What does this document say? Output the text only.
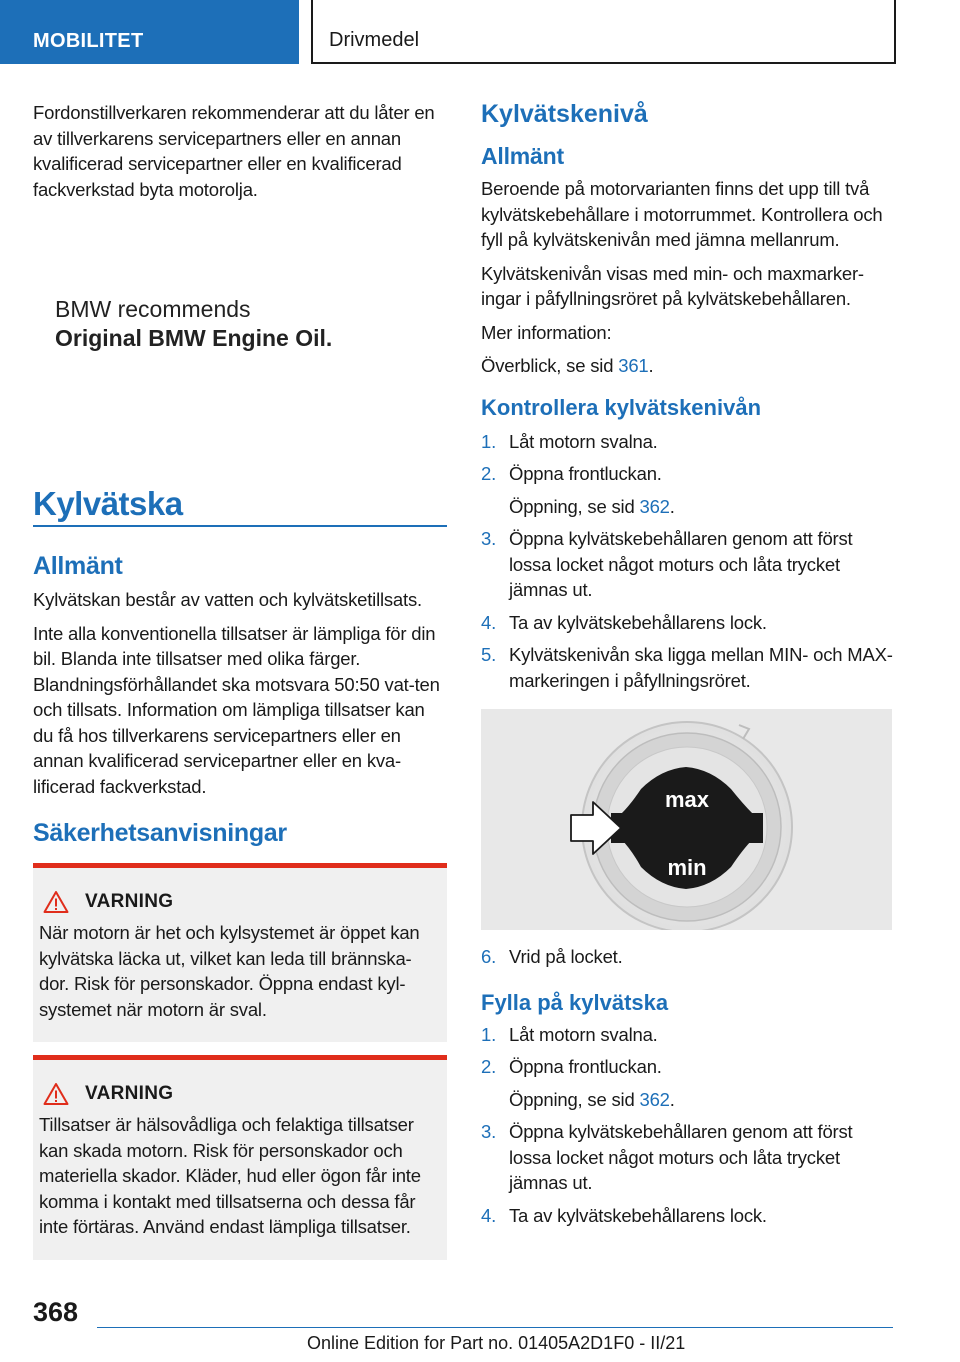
MOBILITET	Drivmedel

Fordonstillverkaren rekommenderar att du låter en av tillverkarens servicepartners eller en annan kvalificerad servicepartner eller en kvalificerad fackverkstad byta motorolja.

BMW recommends
Original BMW Engine Oil.
Kylvätska
Allmänt

Kylvätskan består av vatten och kylvätsketillsats.

Inte alla konventionella tillsatser är lämpliga för din bil. Blanda inte tillsatser med olika färger. Blandningsförhållandet ska motsvara 50:50 vat-ten och tillsats. Information om lämpliga tillsatser kan du få hos tillverkarens servicepartners eller en annan kvalificerad servicepartner eller en kva-lificerad fackverkstad.

Säkerhetsanvisningar
VARNING

När motorn är het och kylsystemet är öppet kan kylvätska läcka ut, vilket kan leda till brännska-dor. Risk för personskador. Öppna endast kyl-systemet när motorn är sval.

VARNING

Tillsatser är hälsovådliga och felaktiga tillsatser kan skada motorn. Risk för personskador och materiella skador. Kläder, hud eller ögon får inte komma i kontakt med tillsatserna och dessa får inte förtäras. Använd endast lämpliga tillsatser.

Kylvätskenivå
Allmänt

Beroende på motorvarianten finns det upp till två kylvätskebehållare i motorrummet. Kontrollera och fyll på kylvätskenivån med jämna mellanrum.

Kylvätskenivån visas med min- och maxmarker-ingar i påfyllningsröret på kylvätskebehållaren.

Mer information:

Överblick, se sid 361.

Kontrollera kylvätskenivån
1. Låt motorn svalna.
2. Öppna frontluckan.
Öppning, se sid 362.
3. Öppna kylvätskebehållaren genom att först lossa locket något moturs och låta trycket jämnas ut.
4. Ta av kylvätskebehållarens lock.
5. Kylvätskenivån ska ligga mellan MIN- och MAX-markeringen i påfyllningsröret.
max
min
6. Vrid på locket.
Fylla på kylvätska
1. Låt motorn svalna.
2. Öppna frontluckan.
Öppning, se sid 362.
3. Öppna kylvätskebehållaren genom att först lossa locket något moturs och låta trycket jämnas ut.
4. Ta av kylvätskebehållarens lock.
368
Online Edition for Part no. 01405A2D1F0 - II/21
